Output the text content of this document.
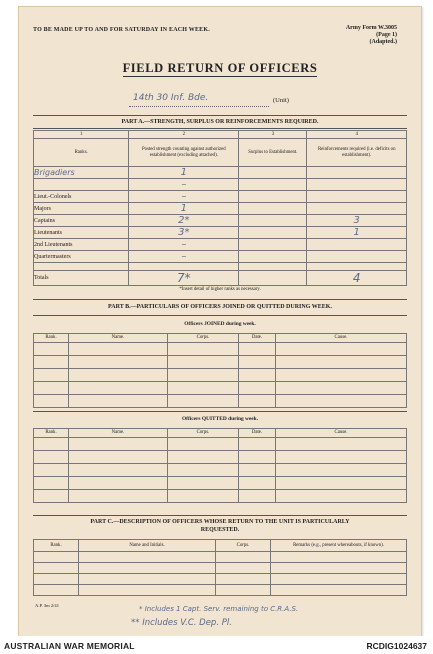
TO BE MADE UP TO AND FOR SATURDAY IN EACH WEEK.	Army Form W.3005
(Page 1)
(Adapted.)
FIELD RETURN OF OFFICERS
14th 30 Inf. Bde.	(Unit)
PART A.—STRENGTH, SURPLUS OR REINFORCEMENTS REQUIRED.
1	2	3	4
Ranks.	Posted strength counting against authorized establishment (excluding attached).	Surplus to Establishment.	Reinforcements required (i.e. deficits on establishment).
Brigadiers	1		
	–		
Lieut.-Colonels	–		
Majors	1		
Captains	2*		3
Lieutenants	3*		1
2nd Lieutenants	–		
Quartermasters	–		

Totals	7*		4
*Insert detail of higher ranks as necessary.
PART B.—PARTICULARS OF OFFICERS JOINED OR QUITTED DURING WEEK.
Officers JOINED during week.
Rank.	Name.	Corps.	Date.	Cause.

Officers QUITTED during week.
Rank.	Name.	Corps.	Date.	Cause.

PART C.—DESCRIPTION OF OFFICERS WHOSE RETURN TO THE UNIT IS PARTICULARLY
REQUESTED.
Rank.	Name and Initials.	Corps.	Remarks (e.g., present whereabouts, if known).

A.P. 3m 2/41	* Includes 1 Capt. Serv. remaining to C.R.A.S.
** Includes V.C. Dep. Pl.
AUSTRALIAN WAR MEMORIAL	RCDIG1024637
